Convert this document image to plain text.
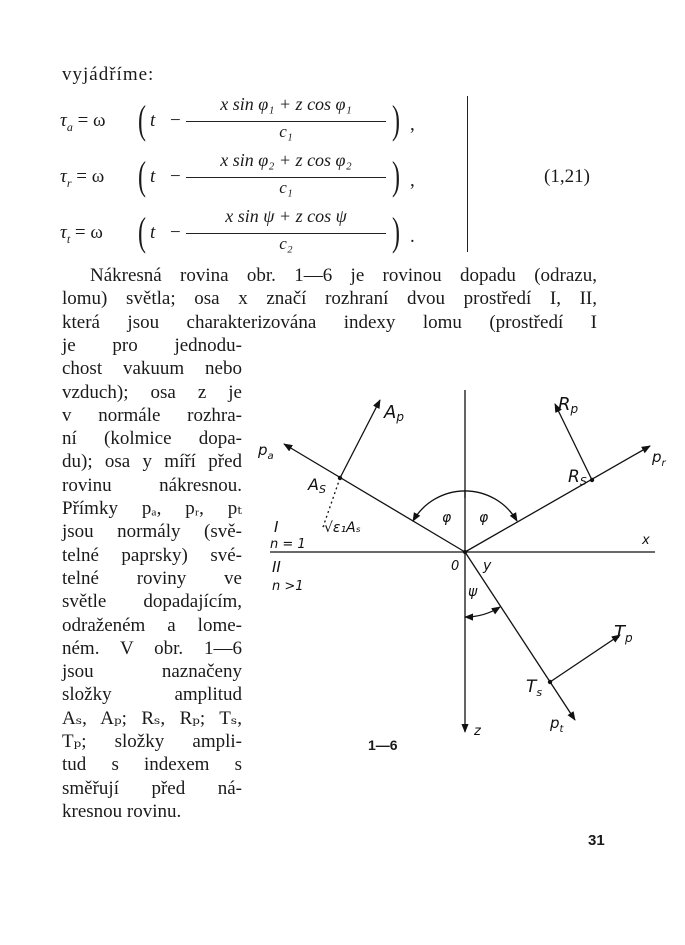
vyjádříme:
$\tau_a = \omega$ ( t −
x sin φ₁ + z cos φ₁
c₁	) ,
$\tau_r = \omega$ ( t −
x sin φ₂ + z cos φ₂
c₁	) ,
$\tau_t = \omega$ ( t −
x sin ψ + z cos ψ
c₂	) .
(1,21)
Nákresná rovina obr. 1—6 je rovinou dopadu (odrazu,
lomu) světla; osa x značí rozhraní dvou prostředí I, II,
která jsou charakterizována indexy lomu (prostředí I
je pro jednodu-
chost vakuum nebo
vzduch); osa z je
v normále rozhra-
ní (kolmice dopa-
du); osa y míří před
rovinu nákresnou.
Přímky pₐ, pᵣ, pₜ
jsou normály (svě-
telné paprsky) své-
telné roviny ve
světle dopadajícím,
odraženém a lome-
ném. V obr. 1—6
jsou naznačeny
složky amplitud
Aₛ, Aₚ; Rₛ, Rₚ; Tₛ,
Tₚ; složky ampli-
tud s indexem s
směřují před ná-
kresnou rovinu.
$p_a$	$p_r$
$p_t$
Ap
AS
Rp
RS
$T_p$
$T_s$
√ε₁Aₛ
φ φ
ψ
I
n = 1
II
n >1
x
y
z
0
1—6
31
